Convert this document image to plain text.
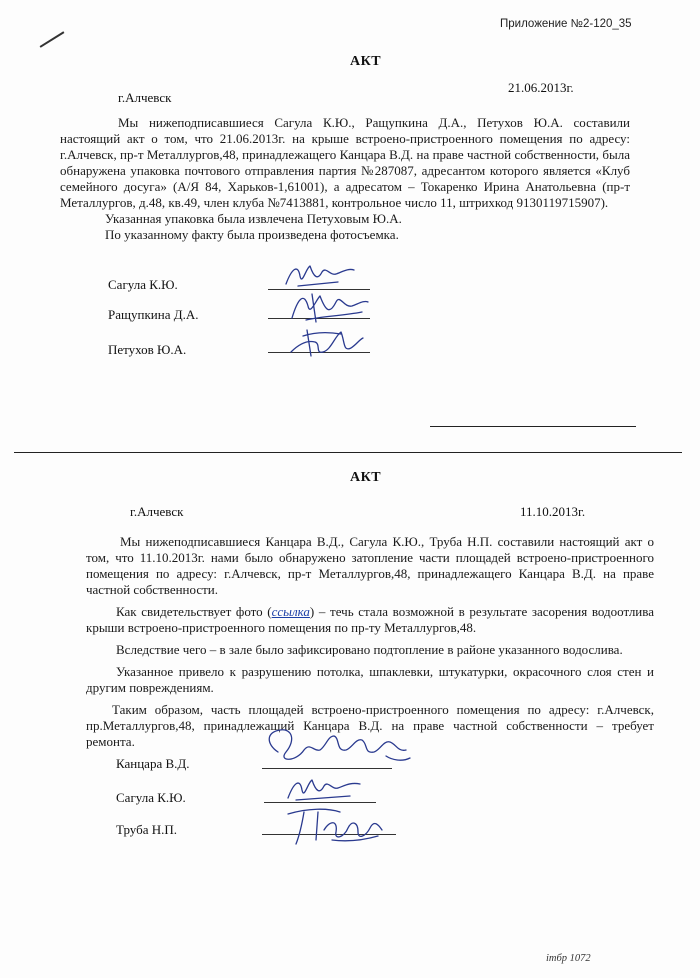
Приложение №2-120_35
АКТ
г.Алчевск
21.06.2013г.

Мы нижеподписавшиеся Сагула К.Ю., Ращупкина Д.А., Петухов Ю.А. составили настоящий акт о том, что 21.06.2013г. на крыше встроено-пристроенного помещения по адресу: г.Алчевск, пр-т Металлургов,48, принадлежащего Канцара В.Д. на праве частной собственности, была обнаружена упаковка почтового отправления партия №287087, адресантом которого является «Клуб семейного досуга» (А/Я 84, Харьков-1,61001), а адресатом – Токаренко Ирина Анатольевна (пр-т Металлургов, д.48, кв.49, член клуба №7413881, контрольное число 11, штрихкод 9130119715907).

Указанная упаковка была извлечена Петуховым Ю.А.

По указанному факту была произведена фотосъемка.

Сагула К.Ю.
Ращупкина Д.А.
Петухов Ю.А.
АКТ
г.Алчевск	11.10.2013г.

Мы нижеподписавшиеся Канцара В.Д., Сагула К.Ю., Труба Н.П. составили настоящий акт о том, что 11.10.2013г. нами было обнаружено затопление части площадей встроено-пристроенного помещения по адресу: г.Алчевск, пр-т Металлургов,48, принадлежащего Канцара В.Д. на праве частной собственности.

Как свидетельствует фото (ссылка) – течь стала возможной в результате засорения водоотлива крыши встроено-пристроенного помещения по пр-ту Металлургов,48.

Вследствие чего – в зале было зафиксировано подтопление в районе указанного водослива.

Указанное привело к разрушению потолка, шпаклевки, штукатурки, окрасочного слоя стен и другим повреждениям.

Таким образом, часть площадей встроено-пристроенного помещения по адресу: г.Алчевск, пр.Металлургов,48, принадлежащий Канцара В.Д. на праве частной собственности – требует ремонта.

Канцара В.Д.
Сагула К.Ю.
Труба Н.П.
ітбр 1072
